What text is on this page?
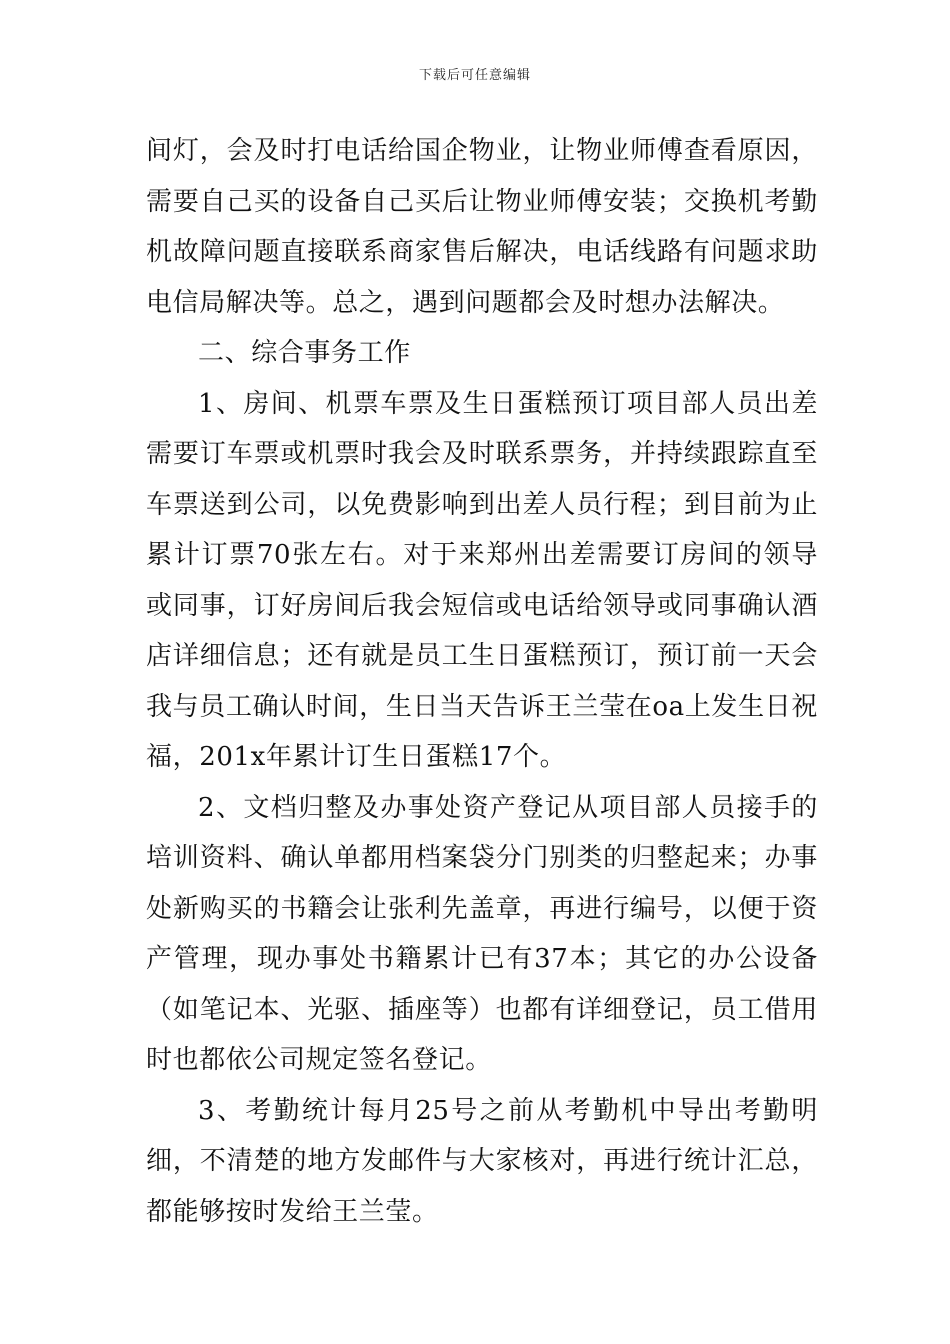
下载后可任意编辑

间灯，会及时打电话给国企物业，让物业师傅查看原因，需要自己买的设备自己买后让物业师傅安装；交换机考勤机故障问题直接联系商家售后解决，电话线路有问题求助电信局解决等。总之，遇到问题都会及时想办法解决。

二、综合事务工作

1、房间、机票车票及生日蛋糕预订项目部人员出差需要订车票或机票时我会及时联系票务，并持续跟踪直至车票送到公司，以免费影响到出差人员行程；到目前为止累计订票70张左右。对于来郑州出差需要订房间的领导或同事，订好房间后我会短信或电话给领导或同事确认酒店详细信息；还有就是员工生日蛋糕预订，预订前一天会我与员工确认时间，生日当天告诉王兰莹在oa上发生日祝福，201x年累计订生日蛋糕17个。

2、文档归整及办事处资产登记从项目部人员接手的培训资料、确认单都用档案袋分门别类的归整起来；办事处新购买的书籍会让张利先盖章，再进行编号，以便于资产管理，现办事处书籍累计已有37本；其它的办公设备（如笔记本、光驱、插座等）也都有详细登记，员工借用时也都依公司规定签名登记。

3、考勤统计每月25号之前从考勤机中导出考勤明细，不清楚的地方发邮件与大家核对，再进行统计汇总，都能够按时发给王兰莹。
